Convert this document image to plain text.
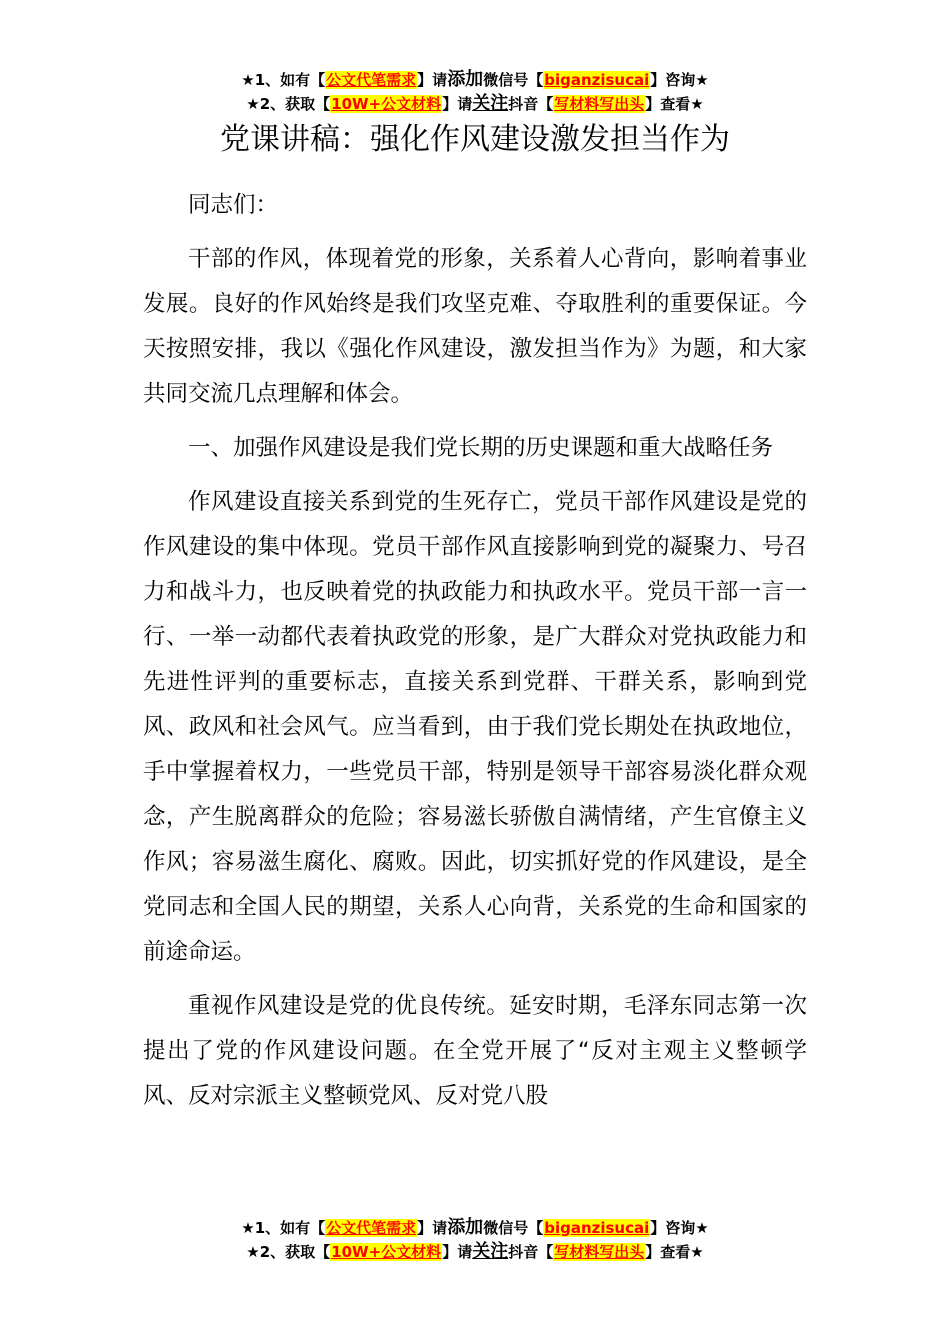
★1、如有【公文代笔需求】请添加微信号【biganzisucai】咨询★
★2、获取【10W+公文材料】请关注抖音【写材料写出头】查看★
党课讲稿：强化作风建设激发担当作为

同志们：

干部的作风，体现着党的形象，关系着人心背向，影响着事业发展。良好的作风始终是我们攻坚克难、夺取胜利的重要保证。今天按照安排，我以《强化作风建设，激发担当作为》为题，和大家共同交流几点理解和体会。

一、加强作风建设是我们党长期的历史课题和重大战略任务

作风建设直接关系到党的生死存亡，党员干部作风建设是党的作风建设的集中体现。党员干部作风直接影响到党的凝聚力、号召力和战斗力，也反映着党的执政能力和执政水平。党员干部一言一行、一举一动都代表着执政党的形象，是广大群众对党执政能力和先进性评判的重要标志，直接关系到党群、干群关系，影响到党风、政风和社会风气。应当看到，由于我们党长期处在执政地位，手中掌握着权力，一些党员干部，特别是领导干部容易淡化群众观念，产生脱离群众的危险；容易滋长骄傲自满情绪，产生官僚主义作风；容易滋生腐化、腐败。因此，切实抓好党的作风建设，是全党同志和全国人民的期望，关系人心向背，关系党的生命和国家的前途命运。

重视作风建设是党的优良传统。延安时期，毛泽东同志第一次提出了党的作风建设问题。在全党开展了“反对主观主义整顿学风、反对宗派主义整顿党风、反对党八股

★1、如有【公文代笔需求】请添加微信号【biganzisucai】咨询★
★2、获取【10W+公文材料】请关注抖音【写材料写出头】查看★
